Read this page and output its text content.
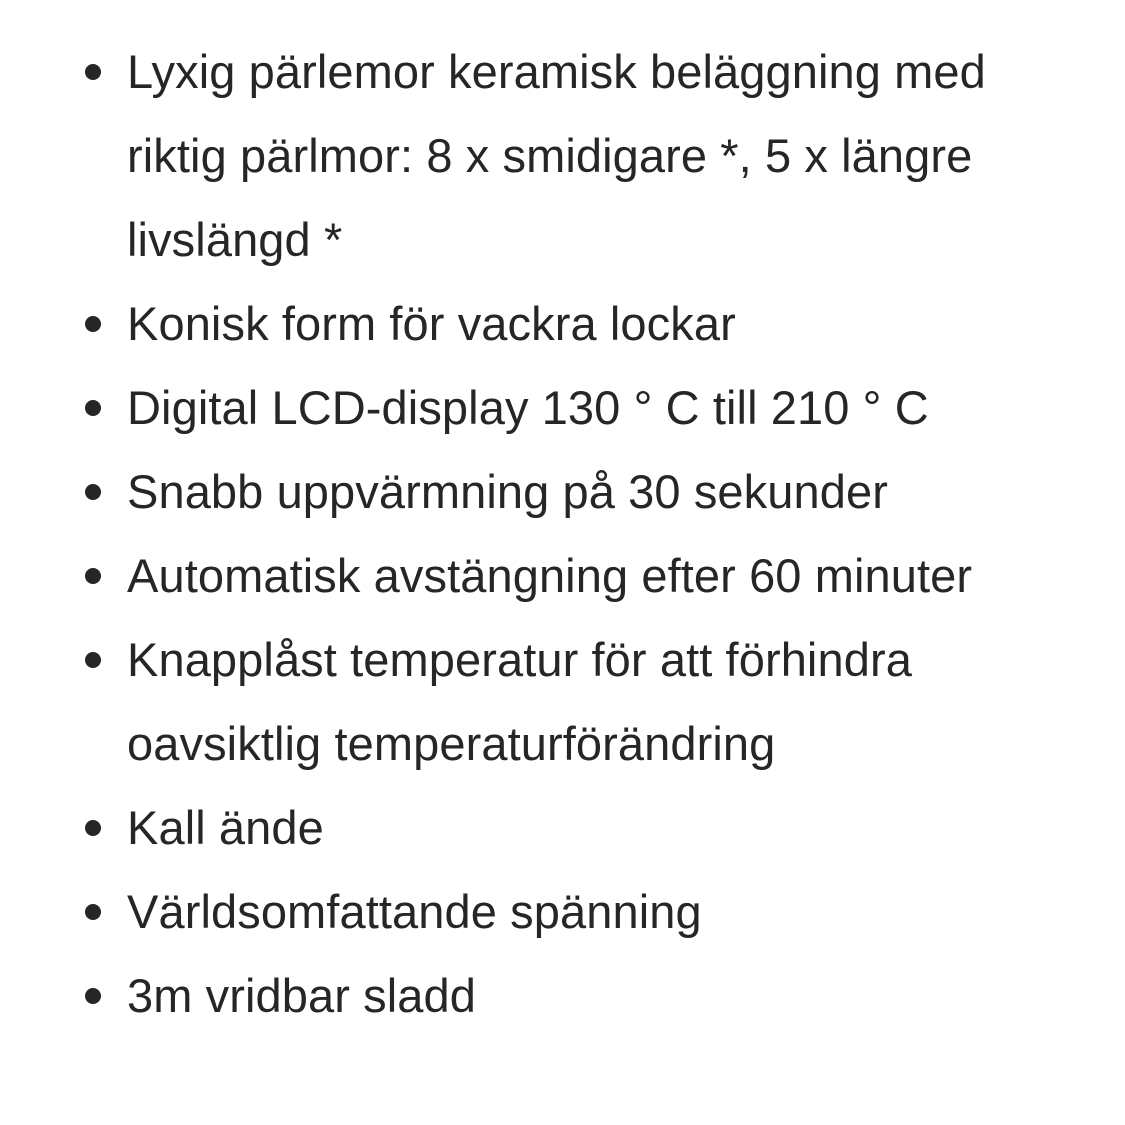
Lyxig pärlemor keramisk beläggning med riktig pärlmor: 8 x smidigare *, 5 x längre livslängd *
Konisk form för vackra lockar
Digital LCD-display 130 ° C till 210 ° C
Snabb uppvärmning på 30 sekunder
Automatisk avstängning efter 60 minuter
Knapplåst temperatur för att förhindra oavsiktlig temperaturförändring
Kall ände
Världsomfattande spänning
3m vridbar sladd
